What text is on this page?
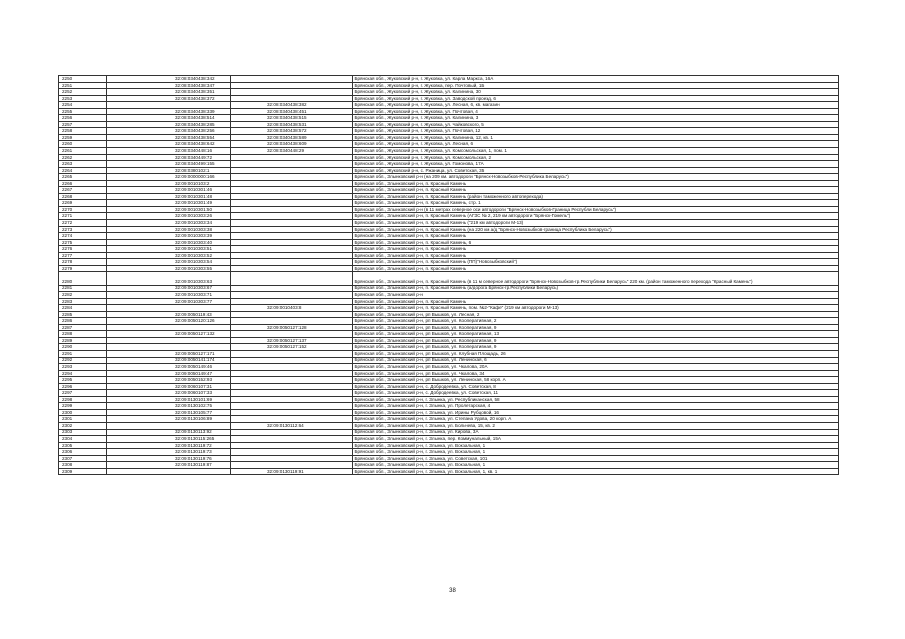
2250	32:08:0340438:342		Брянская обл., Жуковский р-н, г. Жуковка, ул. Карла Маркса, 16А
2251	32:08:0340438:347		Брянская обл., Жуковский р-н, г. Жуковка, пер. Почтовый, 1Б
2252	32:08:0340438:351		Брянская обл., Жуковский р-н, г. Жуковка, ул. Калинина, 30
2253	32:08:0340438:372		Брянская обл., Жуковский р-н, г. Жуковка, ул. Заводской проезд, 6
2254		32:08:0340438:382	Брянская обл., Жуковский р-н, г. Жуковка, ул. Лесная, 6, кв. магазин
2255	32:08:0340438:339	32:08:0340438:451	Брянская обл., Жуковский р-н, г. Жуковка, ул. Почтовая, 4
2256	32:08:0340438:514	32:08:0340438:515	Брянская обл., Жуковский р-н, г. Жуковка, ул. Калинина, 3
2257	32:08:0340438:285	32:08:0340438:531	Брянская обл., Жуковский р-н, г. Жуковка, ул. Чайковского, 5
2258	32:08:0340438:256	32:08:0340438:572	Брянская обл., Жуковский р-н, г. Жуковка, ул. Почтовая, 12
2259	32:08:0340438:554	32:08:0340438:589	Брянская обл., Жуковский р-н, г. Жуковка, ул. Калинина, 12, кв. 1
2260	32:08:0340438:642	32:08:0340438:609	Брянская обл., Жуковский р-н, г. Жуковка, ул. Лесная, 6
2261	32:08:0340448:16	32:08:0340448:29	Брянская обл., Жуковский р-н, г. Жуковка, ул. Комсомольская, 1, пом. 1
2262	32:08:0340449:72		Брянская обл., Жуковский р-н, г. Жуковка, ул. Комсомольская, 2
2263	32:08:0340499:155		Брянская обл., Жуковский р-н, г. Жуковка, ул. Гомонова, 17А
2264	32:08:0380102:1		Брянская обл., Жуковский р-н, с. Ржаница, ул. Советская, 35
2265	32:09:0000000:166		Брянская обл., Злынковский р-н (на 209 км. автодороги "Брянск-Новозыбков-Республика Беларусь")
2266	32:09:0010103:2		Брянская обл., Злынковский р-н, п. Красный Камень
2267	32:09:0010301:46		Брянская обл., Злынковский р-н, п. Красный Камень
2268	32:09:0010301:48		Брянская обл., Злынковский р-н, п. Красный Камень (район таможенного автоперехода)
2269	32:09:0010301:49		Брянская обл., Злынковский р-н, п. Красный Камень, стр. 1
2270	32:09:0010301:50		Брянская обл., Злынковский р-н (в 11 метрах северное оси автодороги "Брянск-Новозыбков-Граница Республи Беларусь")
2271	32:09:0010303:26		Брянская обл., Злынковский р-н, п. Красный Камень (АГЗС № 2, 219 км автодороги "Брянск-Гомель")
2272	32:09:0010303:34		Брянская обл., Злынковский р-н, п. Красный Камень ("219 км автодороги М-13)
2273	32:09:0010303:38		Брянская обл., Злынковский р-н, п. Красный Камень (на 220 км а/д "Брянск-Новозыбков-граница Республика Беларусь")
2274	32:09:0010303:39		Брянская обл., Злынковский р-н, п. Красный Камень
2275	32:09:0010303:40		Брянская обл., Злынковский р-н, п. Красный Камень, 6
2276	32:09:0010303:51		Брянская обл., Злынковский р-н, п. Красный Камень
2277	32:09:0010303:52		Брянская обл., Злынковский р-н, п. Красный Камень
2278	32:09:0010303:54		Брянская обл., Злынковский р-н, п. Красный Камень (ПП)"Новозыбковский")
2279	32:09:0010303:55		Брянская обл., Злынковский р-н, п. Красный Камень
2280	32:09:0010303:63		Брянская обл., Злынковский р-н, п. Красный Камень (в 11 м северное автодороги "Брянск-Новозыбков-гр.Республики Беларусь" 220 км. (район таможенного перехода "Красный Камень")
2281	32:09:0010303:67		Брянская обл., Злынковский р-н, п. Красный Камень (а/дорога Брянск-гр.Республики Беларусь)
2282	32:09:0010303:71		Брянская обл., Злынковский р-н
2283	32:09:0010303:77		Брянская обл., Злынковский р-н, п. Красный Камень
2284		32:09:0010403:8	Брянская обл., Злынковский р-н, п. Красный Камень, пом. №2-"Кафе" (219 км автодороги М-13)
2285	32:09:0050119:43		Брянская обл., Злынковский р-н, рп Вышков, ул. Лесная, 2
2286	32:09:0050120:126		Брянская обл., Злынковский р-н, рп Вышков, ул. Кооперативная, 2
2287		32:09:0050127:128	Брянская обл., Злынковский р-н, рп Вышков, ул. Кооперативная, 9
2288	32:09:0050127:132		Брянская обл., Злынковский р-н, рп Вышков, ул. Кооперативная, 13
2289		32:09:0050127:137	Брянская обл., Злынковский р-н, рп Вышков, ул. Кооперативная, 9
2290		32:09:0050127:152	Брянская обл., Злынковский р-н, рп Вышков, ул. Кооперативная, 9
2291	32:09:0050127:171		Брянская обл., Злынковский р-н, рп Вышков, ул. Клубная Площадь, 26
2292	32:09:0050141:174		Брянская обл., Злынковский р-н, рп Вышков, ул. Ленинская, 6
2293	32:09:0050149:46		Брянская обл., Злынковский р-н, рп Вышков, ул. Чкалова, 20А
2294	32:09:0050149:47		Брянская обл., Злынковский р-н, рп Вышков, ул. Чкалова, 34
2295	32:09:0050152:93		Брянская обл., Злынковский р-н, рп Вышков, ул. Ленинская, 58 корп. А
2296	32:09:0060107:31		Брянская обл., Злынковский р-н, с. Добродеевка, ул. Советская, 8
2297	32:09:0060107:33		Брянская обл., Злынковский р-н, с. Добродеевка, ул. Советская, 11
2298	32:09:0130101:69		Брянская обл., Злынковский р-н, г. Злынка, ул. Республиканская, 58
2299	32:09:0130102:75		Брянская обл., Злынковский р-н, г. Злынка, ул. Пролетарская, 4
2300	32:09:0130105:77		Брянская обл., Злынковский р-н, г. Злынка, ул. Ирины Рубцовой, 16
2301	32:09:0130106:89		Брянская обл., Злынковский р-н, г. Злынка, ул. Степана Удова, 20 корп. А
2302		32:09:0130112:64	Брянская обл., Злынковский р-н, г. Злынка, ул. Больчева, 15, кв. 2
2303	32:09:0130113:92		Брянская обл., Злынковский р-н, г. Злынка, ул. Кирова, 3А
2304	32:09:0130115:265		Брянская обл., Злынковский р-н, г. Злынка, пер. Коммунальный, 15А
2305	32:09:0130119:72		Брянская обл., Злынковский р-н, г. Злынка, ул. Вокзальная, 1
2306	32:09:0130119:73		Брянская обл., Злынковский р-н, г. Злынка, ул. Вокзальная, 1
2307	32:09:0130119:76		Брянская обл., Злынковский р-н, г. Злынка, ул. Советская, 101
2308	32:09:0130119:87		Брянская обл., Злынковский р-н, г. Злынка, ул. Вокзальная, 1
2309		32:09:0130119:91	Брянская обл., Злынковский р-н, г. Злынка, ул. Вокзальная, 1, кв. 1
38
